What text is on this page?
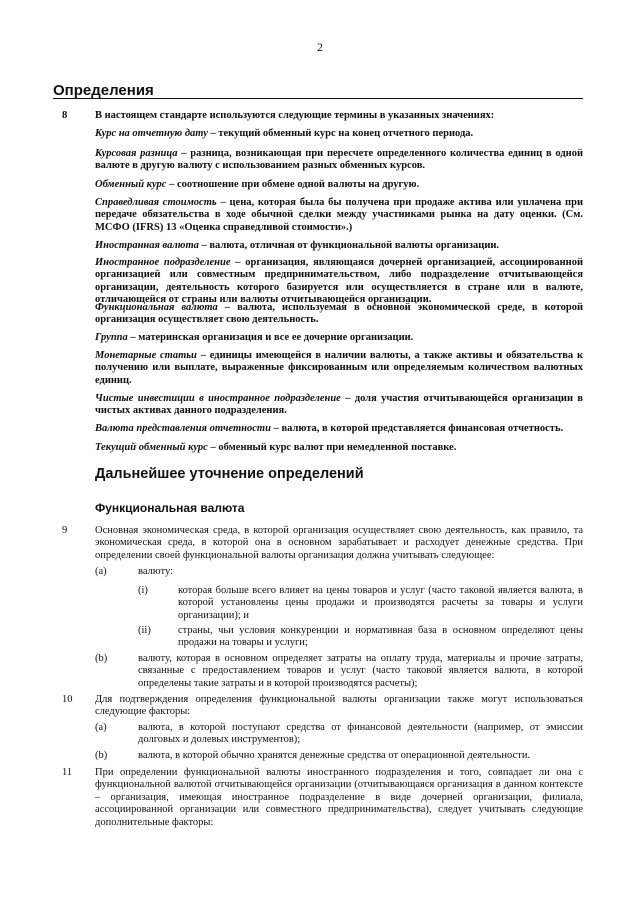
2
Определения
8	В настоящем стандарте используются следующие термины в указанных значениях:
Курс на отчетную дату – текущий обменный курс на конец отчетного периода.
Курсовая разница – разница, возникающая при пересчете определенного количества единиц в одной валюте в другую валюту с использованием разных обменных курсов.
Обменный курс – соотношение при обмене одной валюты на другую.
Справедливая стоимость – цена, которая была бы получена при продаже актива или уплачена при передаче обязательства в ходе обычной сделки между участниками рынка на дату оценки. (См. МСФО (IFRS) 13 «Оценка справедливой стоимости».)
Иностранная валюта – валюта, отличная от функциональной валюты организации.
Иностранное подразделение – организация, являющаяся дочерней организацией, ассоциированной организацией или совместным предпринимательством, либо подразделение отчитывающейся организации, деятельность которого базируется или осуществляется в стране или в валюте, отличающейся от страны или валюты отчитывающейся организации.
Функциональная валюта – валюта, используемая в основной экономической среде, в которой организация осуществляет свою деятельность.
Группа – материнская организация и все ее дочерние организации.
Монетарные статьи – единицы имеющейся в наличии валюты, а также активы и обязательства к получению или выплате, выраженные фиксированным или определяемым количеством валютных единиц.
Чистые инвестиции в иностранное подразделение – доля участия отчитывающейся организации в чистых активах данного подразделения.
Валюта представления отчетности – валюта, в которой представляется финансовая отчетность.
Текущий обменный курс – обменный курс валют при немедленной поставке.
Дальнейшее уточнение определений
Функциональная валюта
9	Основная экономическая среда, в которой организация осуществляет свою деятельность, как правило, та экономическая среда, в которой она в основном зарабатывает и расходует денежные средства. При определении своей функциональной валюты организация должна учитывать следующее:
(a)	валюту:
(i)	которая больше всего влияет на цены товаров и услуг (часто таковой является валюта, в которой установлены цены продажи и производятся расчеты за товары и услуги организации); и
(ii)	страны, чьи условия конкуренции и нормативная база в основном определяют цены продажи на товары и услуги;
(b)	валюту, которая в основном определяет затраты на оплату труда, материалы и прочие затраты, связанные с предоставлением товаров и услуг (часто таковой является валюта, в которой определены такие затраты и в которой производятся расчеты);
10 Для подтверждения определения функциональной валюты организации также могут использоваться следующие факторы:
(a)	валюта, в которой поступают средства от финансовой деятельности (например, от эмиссии долговых и долевых инструментов);
(b)	валюта, в которой обычно хранятся денежные средства от операционной деятельности.
11 При определении функциональной валюты иностранного подразделения и того, совпадает ли она с функциональной валютой отчитывающейся организации (отчитывающаяся организация в данном контексте – организация, имеющая иностранное подразделение в виде дочерней организации, филиала, ассоциированной организации или совместного предпринимательства), следует учитывать следующие дополнительные факторы:
